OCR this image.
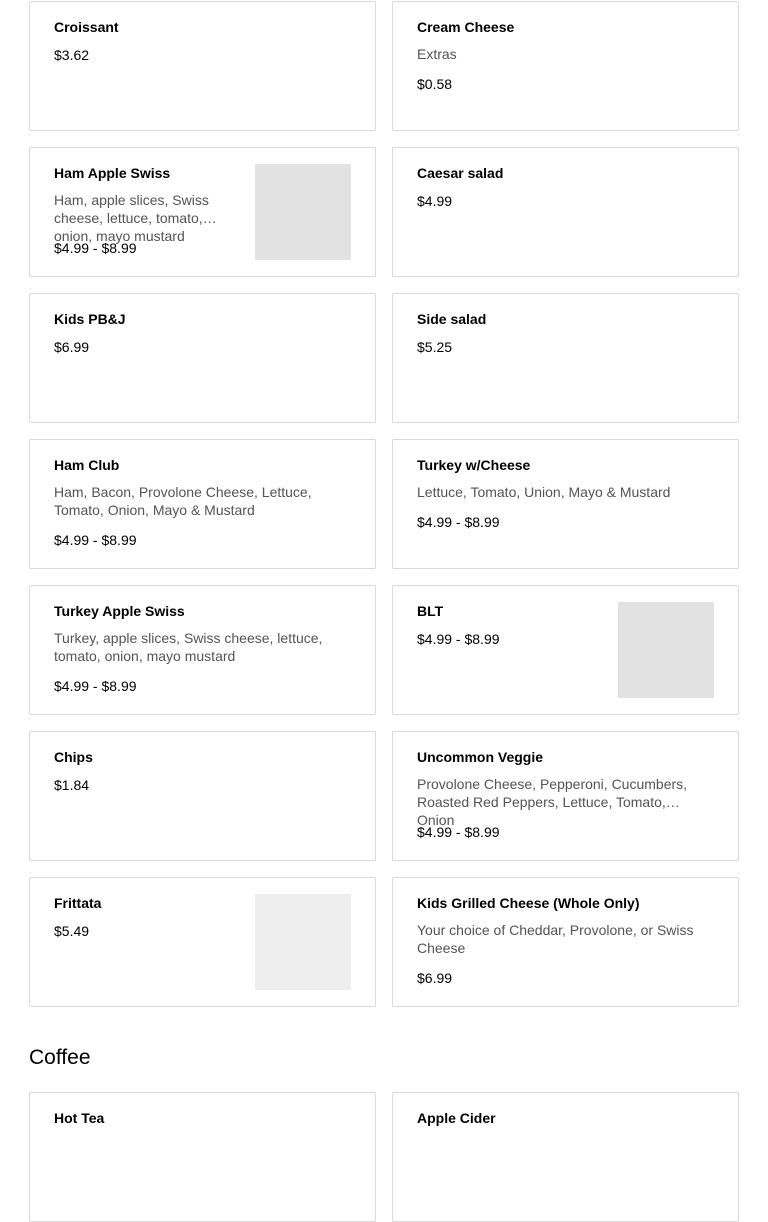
Croissant
$3.62
Cream Cheese
Extras
$0.58
Ham Apple Swiss
Ham, apple slices, Swiss cheese, lettuce, tomato, onion, mayo mustard
$4.99 - $8.99
Caesar salad
$4.99
Kids PB&J
$6.99
Side salad
$5.25
Ham Club
Ham, Bacon, Provolone Cheese, Lettuce, Tomato, Onion, Mayo & Mustard
$4.99 - $8.99
Turkey w/Cheese
Lettuce, Tomato, Union, Mayo & Mustard
$4.99 - $8.99
Turkey Apple Swiss
Turkey, apple slices, Swiss cheese, lettuce, tomato, onion, mayo mustard
$4.99 - $8.99
BLT
$4.99 - $8.99
Chips
$1.84
Uncommon Veggie
Provolone Cheese, Pepperoni, Cucumbers, Roasted Red Peppers, Lettuce, Tomato, Onion
$4.99 - $8.99
Frittata
$5.49
Kids Grilled Cheese (Whole Only)
Your choice of Cheddar, Provolone, or Swiss Cheese
$6.99
Coffee
Hot Tea	Apple Cider
